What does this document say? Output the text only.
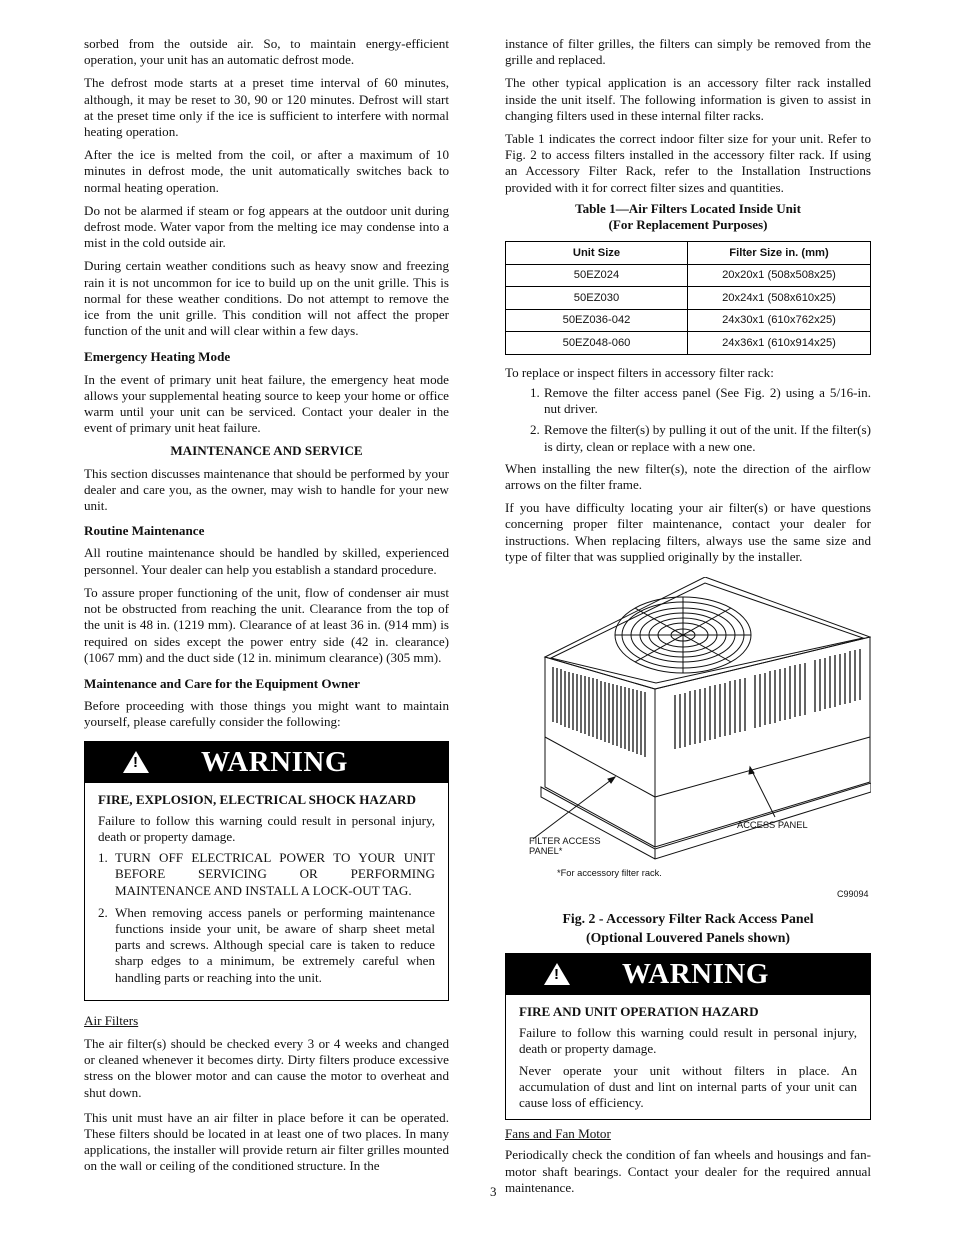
sorbed from the outside air. So, to maintain energy-efficient operation, your unit has an automatic defrost mode.

The defrost mode starts at a preset time interval of 60 minutes, although, it may be reset to 30, 90 or 120 minutes. Defrost will start at the preset time only if the ice is sufficient to interfere with normal heating operation.

After the ice is melted from the coil, or after a maximum of 10 minutes in defrost mode, the unit automatically switches back to normal heating operation.

Do not be alarmed if steam or fog appears at the outdoor unit during defrost mode. Water vapor from the melting ice may condense into a mist in the cold outside air.

During certain weather conditions such as heavy snow and freezing rain it is not uncommon for ice to build up on the unit grille. This is normal for these weather conditions. Do not attempt to remove the ice from the unit grille. This condition will not affect the proper function of the unit and will clear within a few days.

Emergency Heating Mode

In the event of primary unit heat failure, the emergency heat mode allows your supplemental heating source to keep your home or office warm until your unit can be serviced. Contact your dealer in the event of primary unit heat failure.

MAINTENANCE AND SERVICE

This section discusses maintenance that should be performed by your dealer and care you, as the owner, may wish to handle for your new unit.

Routine Maintenance

All routine maintenance should be handled by skilled, experienced personnel. Your dealer can help you establish a standard procedure.

To assure proper functioning of the unit, flow of condenser air must not be obstructed from reaching the unit. Clearance from the top of the unit is 48 in. (1219 mm). Clearance of at least 36 in. (914 mm) is required on sides except the power entry side (42 in. clearance) (1067 mm) and the duct side (12 in. minimum clearance) (305 mm).

Maintenance and Care for the Equipment Owner

Before proceeding with those things you might want to maintain yourself, please carefully consider the following:

! WARNING
FIRE, EXPLOSION, ELECTRICAL SHOCK HAZARD

Failure to follow this warning could result in personal injury, death or property damage.

1. TURN OFF ELECTRICAL POWER TO YOUR UNIT BEFORE SERVICING OR PERFORMING MAINTENANCE AND INSTALL A LOCK-OUT TAG.
2. When removing access panels or performing maintenance functions inside your unit, be aware of sharp sheet metal parts and screws. Although special care is taken to reduce sharp edges to a minimum, be extremely careful when handling parts or reaching into the unit.
Air Filters

The air filter(s) should be checked every 3 or 4 weeks and changed or cleaned whenever it becomes dirty. Dirty filters produce excessive stress on the blower motor and can cause the motor to overheat and shut down.

This unit must have an air filter in place before it can be operated. These filters should be located in at least one of two places. In many applications, the installer will provide return air filter grilles mounted on the wall or ceiling of the conditioned structure. In the

instance of filter grilles, the filters can simply be removed from the grille and replaced.

The other typical application is an accessory filter rack installed inside the unit itself. The following information is given to assist in changing filters used in these internal filter racks.

Table 1 indicates the correct indoor filter size for your unit. Refer to Fig. 2 to access filters installed in the accessory filter rack. If using an Accessory Filter Rack, refer to the Installation Instructions provided with it for correct filter sizes and quantities.

Table 1—Air Filters Located Inside Unit
(For Replacement Purposes)
Unit Size	Filter Size in. (mm)
50EZ024	20x20x1 (508x508x25)
50EZ030	20x24x1 (508x610x25)
50EZ036-042	24x30x1 (610x762x25)
50EZ048-060	24x36x1 (610x914x25)

To replace or inspect filters in accessory filter rack:

1. Remove the filter access panel (See Fig. 2) using a 5/16-in. nut driver.
2. Remove the filter(s) by pulling it out of the unit. If the filter(s) is dirty, clean or replace with a new one.

When installing the new filter(s), note the direction of the airflow arrows on the filter frame.

If you have difficulty locating your air filter(s) or have questions concerning proper filter maintenance, contact your dealer for instructions. When replacing filters, always use the same size and type of filter that was supplied originally by the installer.

FILTER ACCESS
PANEL*
ACCESS PANEL
*For accessory filter rack.
C99094
Fig. 2 - Accessory Filter Rack Access Panel
(Optional Louvered Panels shown)
! WARNING
FIRE AND UNIT OPERATION HAZARD

Failure to follow this warning could result in personal injury, death or property damage.

Never operate your unit without filters in place. An accumulation of dust and lint on internal parts of your unit can cause loss of efficiency.

Fans and Fan Motor

Periodically check the condition of fan wheels and housings and fan-motor shaft bearings. Contact your dealer for the required annual maintenance.

3
